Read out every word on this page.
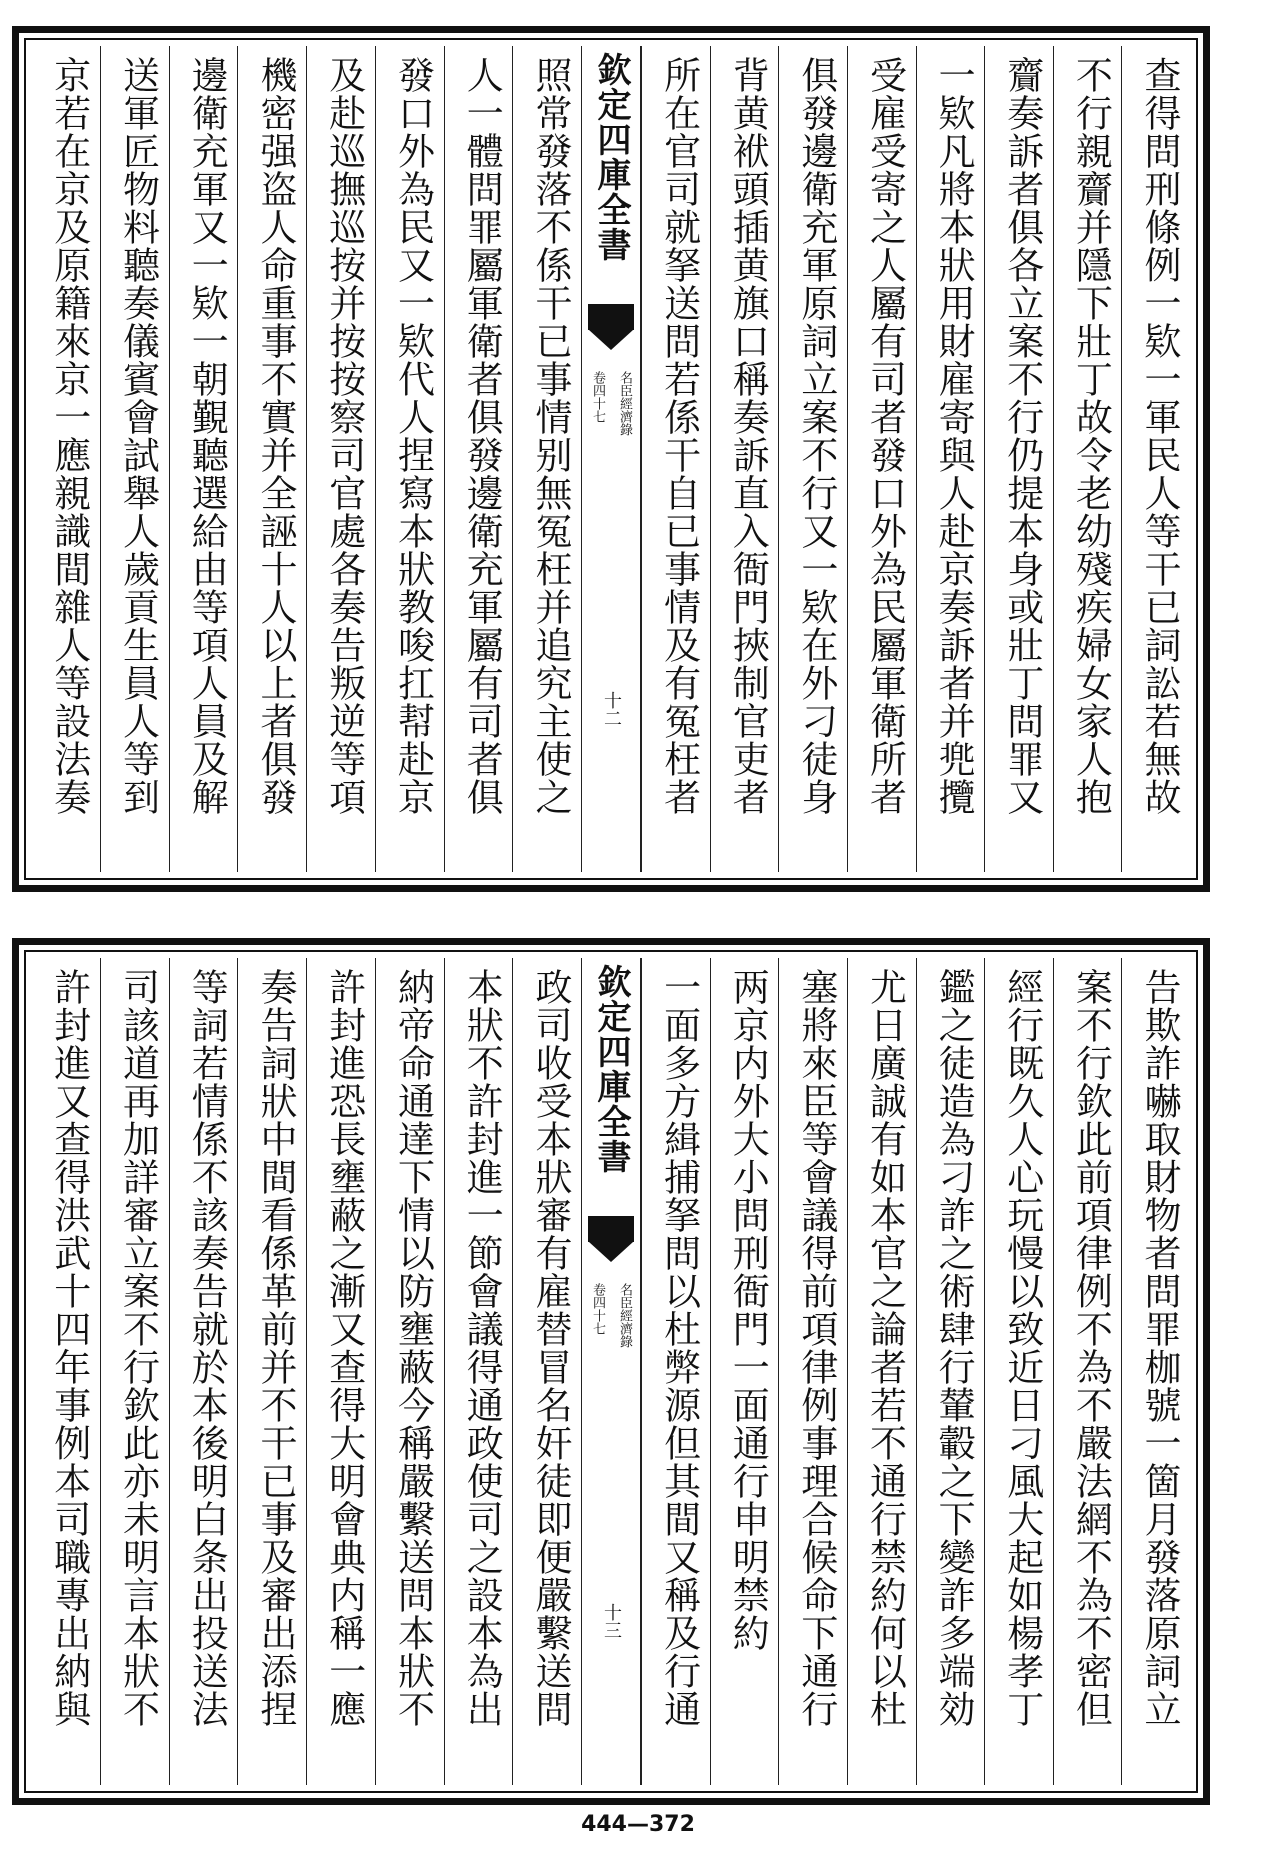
查得問刑條例一欵一軍民人等干已詞訟若無故
不行親齎并隱下壯丁故令老幼殘疾婦女家人抱
齎奏訴者俱各立案不行仍提本身或壯丁問罪又
一欵凡將本狀用財雇寄與人赴京奏訴者并兠攬
受雇受寄之人屬有司者發口外為民屬軍衛所者
俱發邊衛充軍原詞立案不行又一欵在外刁徒身
背黄袱頭插黄旗口稱奏訴直入衙門挾制官吏者
所在官司就拏送問若係干自已事情及有冤枉者
欽定四庫全書
名臣經濟錄
卷四十七
十二
照常發落不係干已事情别無冤枉并追究主使之
人一體問罪屬軍衛者俱發邊衛充軍屬有司者俱
發口外為民又一欵代人捏寫本狀教唆扛幇赴京
及赴巡撫巡按并按按察司官處各奏告叛逆等項
機密强盗人命重事不實并全誣十人以上者俱發
邊衛充軍又一欵一朝覲聽選給由等項人員及解
送軍匠物料聽奏儀賓會試舉人歲貢生員人等到
京若在京及原籍來京一應親識間雜人等設法奏
告欺詐嚇取財物者問罪枷號一箇月發落原詞立
案不行欽此前項律例不為不嚴法網不為不密但
經行既久人心玩慢以致近日刁風大起如楊孝丁
鑑之徒造為刁詐之術肆行輦轂之下變詐多端効
尤日廣誠有如本官之論者若不通行禁約何以杜
塞將來臣等會議得前項律例事理合候命下通行
两京内外大小問刑衙門一面通行申明禁約
一面多方緝捕拏問以杜弊源但其間又稱及行通
欽定四庫全書
名臣經濟錄
卷四十七
十三
政司收受本狀審有雇替冒名奸徒即便嚴繫送問
本狀不許封進一節會議得通政使司之設本為出
納帝命通達下情以防壅蔽今稱嚴繫送問本狀不
許封進恐長壅蔽之漸又查得大明會典内稱一應
奏告詞狀中間看係革前并不干已事及審出添捏
等詞若情係不該奏告就於本後明白条出投送法
司該道再加詳審立案不行欽此亦未明言本狀不
許封進又查得洪武十四年事例本司職專出納與
444—372
